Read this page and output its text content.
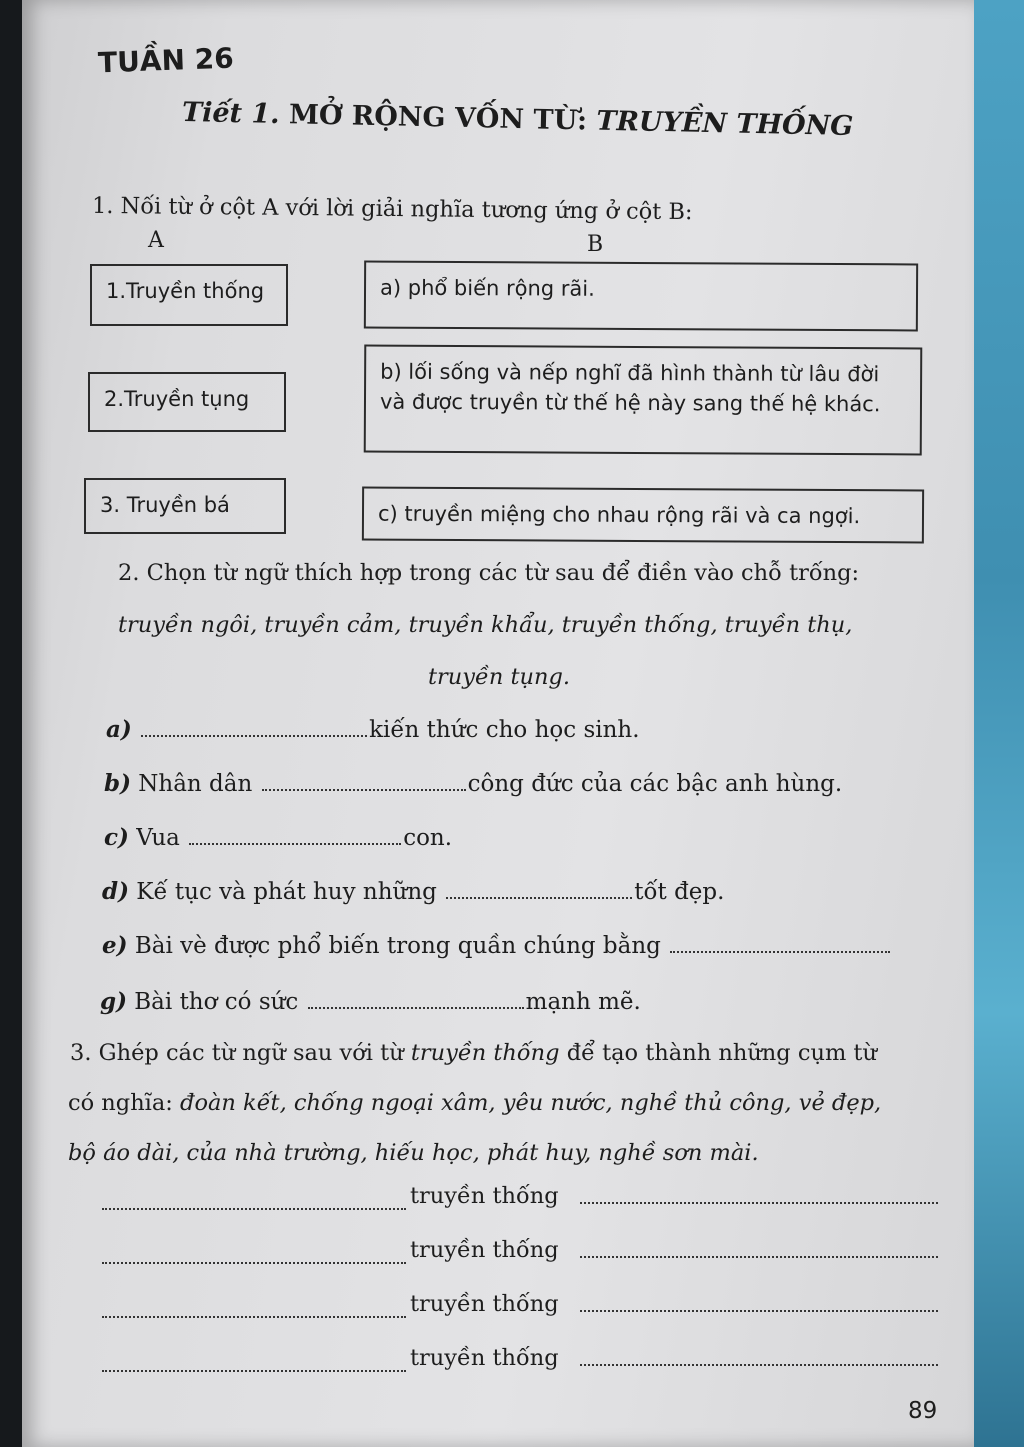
TUẦN 26
Tiết 1. MỞ RỘNG VỐN TỪ: TRUYỀN THỐNG
1. Nối từ ở cột A với lời giải nghĩa tương ứng ở cột B:
A	B
1.Truyền thống
2.Truyền tụng
3. Truyền bá
a) phổ biến rộng rãi.
b) lối sống và nếp nghĩ đã hình thành từ lâu đời và được truyền từ thế hệ này sang thế hệ khác.
c) truyền miệng cho nhau rộng rãi và ca ngợi.
2. Chọn từ ngữ thích hợp trong các từ sau để điền vào chỗ trống:
truyền ngôi, truyền cảm, truyền khẩu, truyền thống, truyền thụ,
truyền tụng.
a)	kiến thức cho học sinh.
b) Nhân dân	công đức của các bậc anh hùng.
c) Vua	con.
d) Kế tục và phát huy những	tốt đẹp.
e) Bài vè được phổ biến trong quần chúng bằng
g) Bài thơ có sức	mạnh mẽ.
3. Ghép các từ ngữ sau với từ truyền thống để tạo thành những cụm từ
có nghĩa: đoàn kết, chống ngoại xâm, yêu nước, nghề thủ công, vẻ đẹp,
bộ áo dài, của nhà trường, hiếu học, phát huy, nghề sơn mài.
truyền thống
truyền thống
truyền thống
truyền thống
89
